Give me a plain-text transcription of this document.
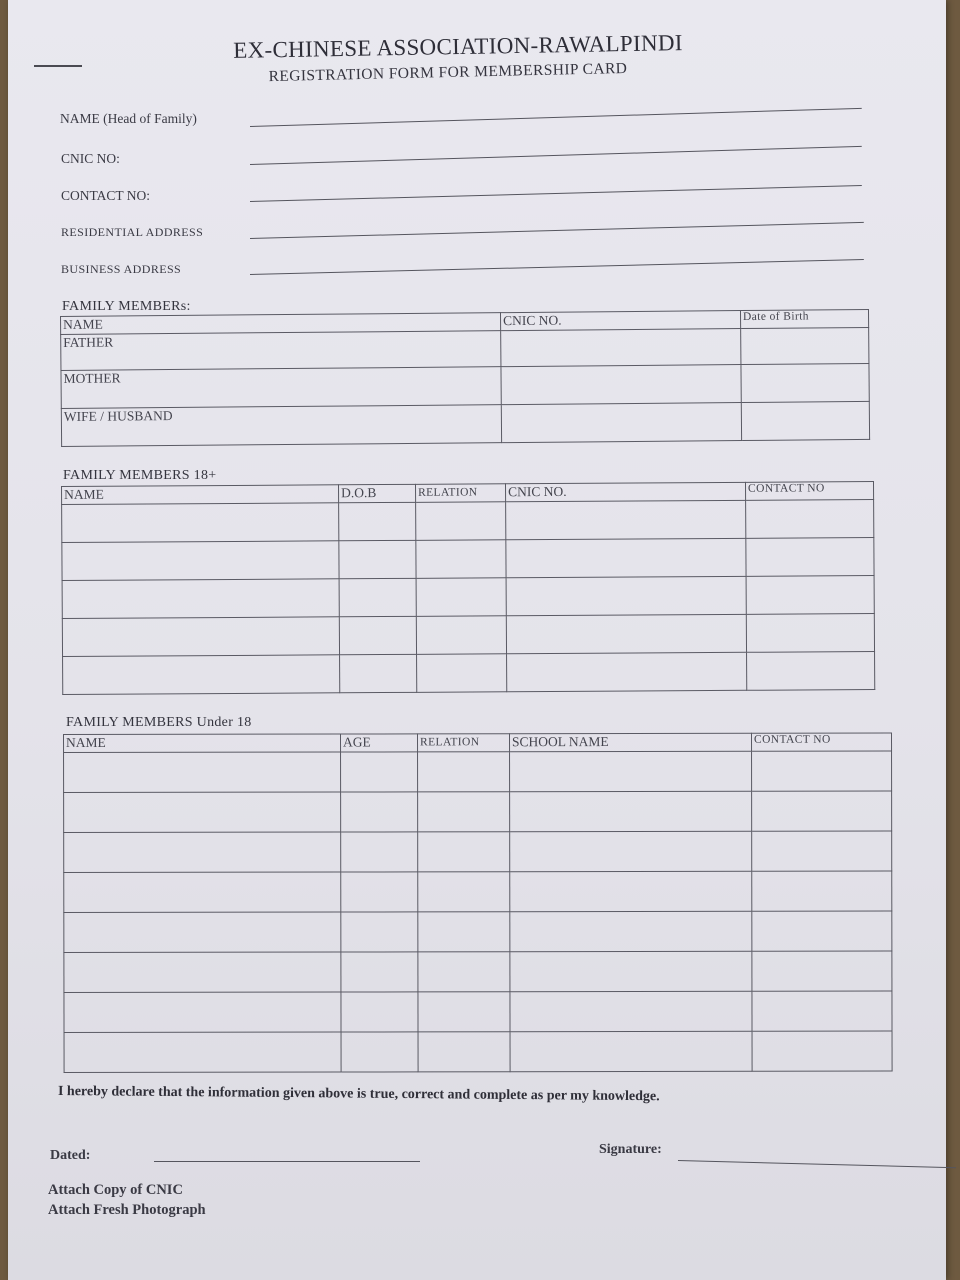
EX-CHINESE ASSOCIATION-RAWALPINDI
REGISTRATION FORM FOR MEMBERSHIP CARD
NAME (Head of Family)
CNIC NO:
CONTACT NO:
RESIDENTIAL ADDRESS
BUSINESS ADDRESS
FAMILY MEMBERs:
NAME	CNIC NO.	Date of Birth
FATHER		
MOTHER		
WIFE / HUSBAND		
FAMILY MEMBERS 18+
NAME	D.O.B	RELATION	CNIC NO.	CONTACT NO

FAMILY MEMBERS Under 18
NAME	AGE	RELATION	SCHOOL NAME	CONTACT NO

I hereby declare that the information given above is true, correct and complete as per my knowledge.
Dated:	Signature:
Attach Copy of CNIC
Attach Fresh Photograph
